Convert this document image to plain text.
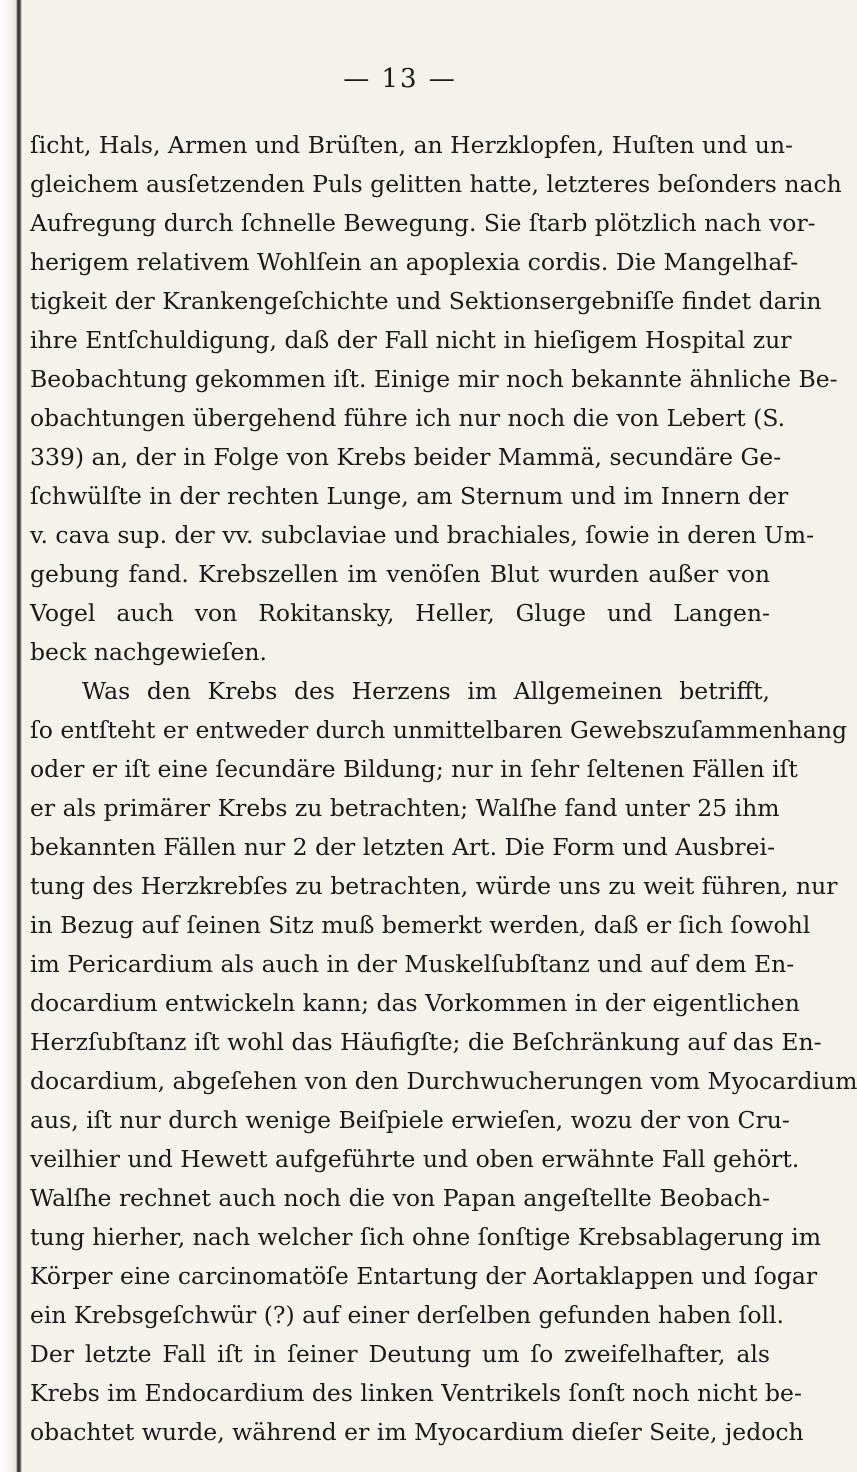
— 13 —
ſicht, Hals, Armen und Brüſten, an Herzklopfen, Huſten und un-
gleichem ausſetzenden Puls gelitten hatte, letzteres beſonders nach
Aufregung durch ſchnelle Bewegung. Sie ſtarb plötzlich nach vor-
herigem relativem Wohlſein an apoplexia cordis. Die Mangelhaf-
tigkeit der Krankengeſchichte und Sektionsergebniſſe findet darin
ihre Entſchuldigung, daß der Fall nicht in hieſigem Hospital zur
Beobachtung gekommen iſt. Einige mir noch bekannte ähnliche Be-
obachtungen übergehend führe ich nur noch die von Lebert (S.
339) an, der in Folge von Krebs beider Mammä, secundäre Ge-
ſchwülſte in der rechten Lunge, am Sternum und im Innern der
v. cava sup. der vv. subclaviae und brachiales, ſowie in deren Um-
gebung fand. Krebszellen im venöſen Blut wurden außer von
Vogel auch von Rokitansky, Heller, Gluge und Langen-
beck nachgewieſen.
Was den Krebs des Herzens im Allgemeinen betrifft,
ſo entſteht er entweder durch unmittelbaren Gewebszuſammenhang
oder er iſt eine ſecundäre Bildung; nur in ſehr ſeltenen Fällen iſt
er als primärer Krebs zu betrachten; Walſhe fand unter 25 ihm
bekannten Fällen nur 2 der letzten Art. Die Form und Ausbrei-
tung des Herzkrebſes zu betrachten, würde uns zu weit führen, nur
in Bezug auf ſeinen Sitz muß bemerkt werden, daß er ſich ſowohl
im Pericardium als auch in der Muskelſubſtanz und auf dem En-
docardium entwickeln kann; das Vorkommen in der eigentlichen
Herzſubſtanz iſt wohl das Häufigſte; die Beſchränkung auf das En-
docardium, abgeſehen von den Durchwucherungen vom Myocardium
aus, iſt nur durch wenige Beiſpiele erwieſen, wozu der von Cru-
veilhier und Hewett aufgeführte und oben erwähnte Fall gehört.
Walſhe rechnet auch noch die von Papan angeſtellte Beobach-
tung hierher, nach welcher ſich ohne ſonſtige Krebsablagerung im
Körper eine carcinomatöſe Entartung der Aortaklappen und ſogar
ein Krebsgeſchwür (?) auf einer derſelben gefunden haben ſoll.
Der letzte Fall iſt in ſeiner Deutung um ſo zweifelhafter, als
Krebs im Endocardium des linken Ventrikels ſonſt noch nicht be-
obachtet wurde, während er im Myocardium dieſer Seite, jedoch
